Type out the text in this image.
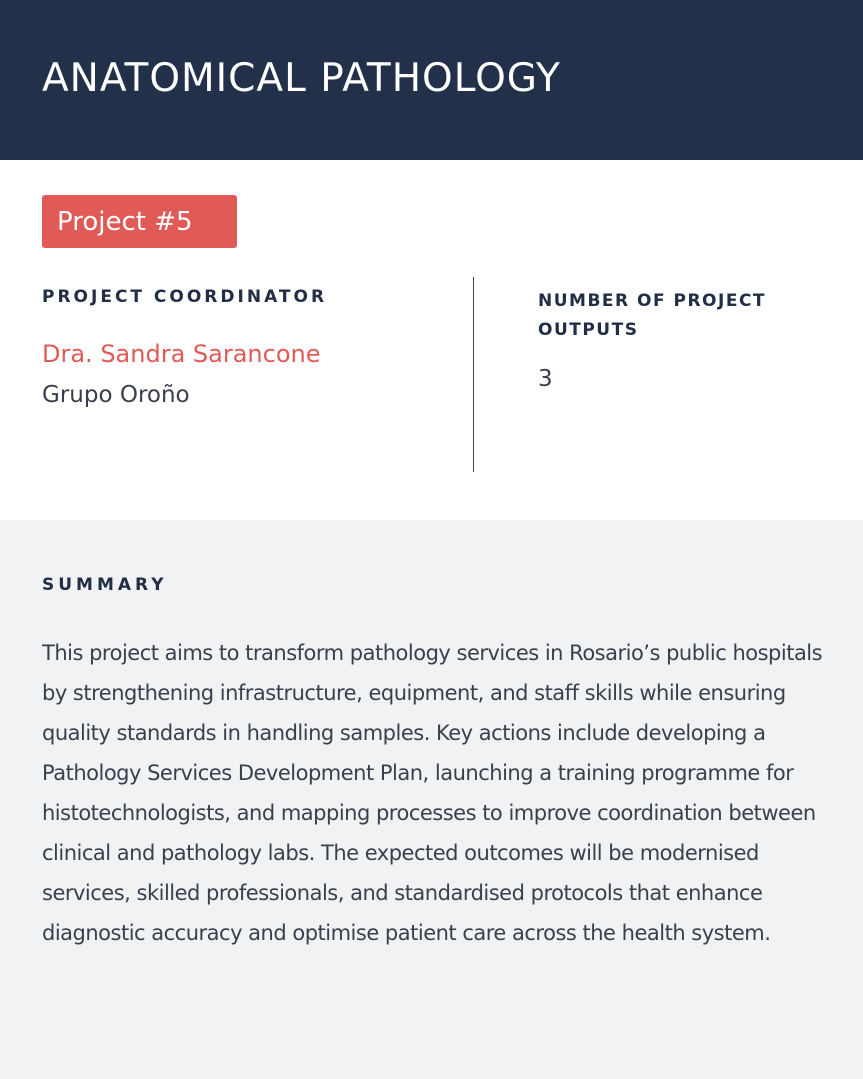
ANATOMICAL PATHOLOGY
Project #5
PROJECT COORDINATOR
Dra. Sandra Sarancone
Grupo Oroño
NUMBER OF PROJECT OUTPUTS
3
SUMMARY
This project aims to transform pathology services in Rosario’s public hospitals by strengthening infrastructure, equipment, and staff skills while ensuring quality standards in handling samples. Key actions include developing a Pathology Services Development Plan, launching a training programme for histotechnologists, and mapping processes to improve coordination between clinical and pathology labs. The expected outcomes will be modernised services, skilled professionals, and standardised protocols that enhance diagnostic accuracy and optimise patient care across the health system.
